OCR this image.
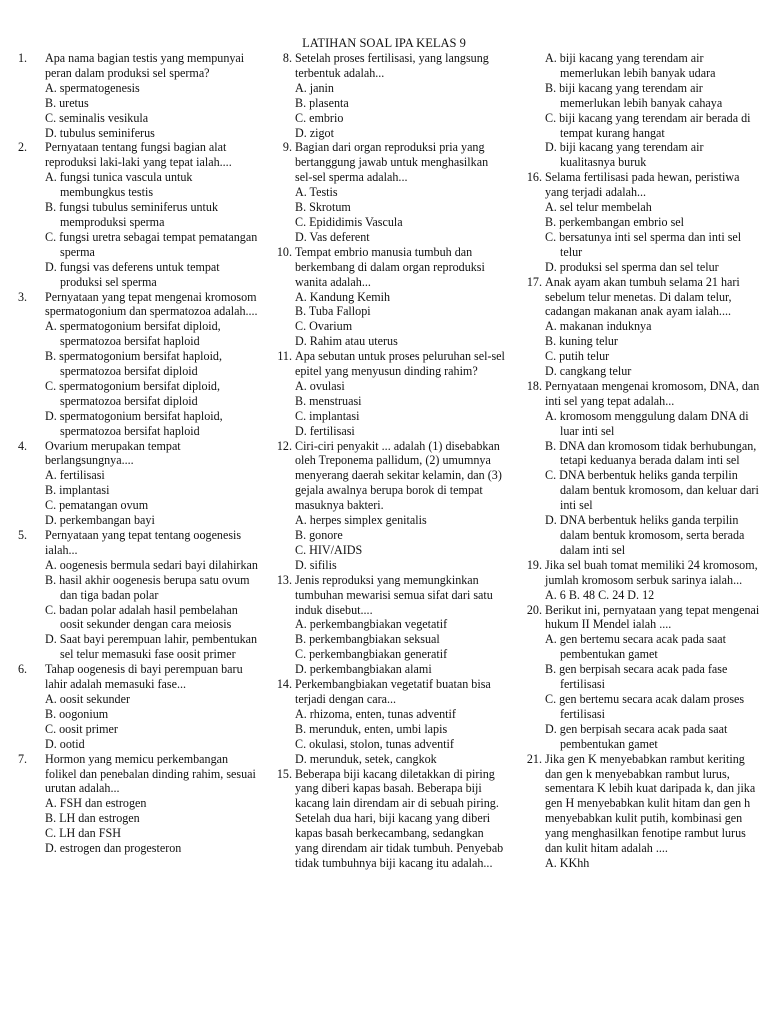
LATIHAN SOAL IPA KELAS 9
1.	Apa nama bagian testis yang mempunyai peran dalam produksi sel sperma?
A. spermatogenesis
B. uretus
C. seminalis vesikula
D. tubulus seminiferus
2.	Pernyataan tentang fungsi bagian alat reproduksi laki-laki yang tepat ialah....
A. fungsi tunica vascula untuk membungkus testis
B. fungsi tubulus seminiferus untuk memproduksi sperma
C. fungsi uretra sebagai tempat pematangan sperma
D. fungsi vas deferens untuk tempat produksi sel sperma
3.	Pernyataan yang tepat mengenai kromosom spermatogonium dan spermatozoa adalah....
A. spermatogonium bersifat diploid, spermatozoa bersifat haploid
B. spermatogonium bersifat haploid, spermatozoa bersifat diploid
C. spermatogonium bersifat diploid, spermatozoa bersifat diploid
D. spermatogonium bersifat haploid, spermatozoa bersifat haploid
4.	Ovarium merupakan tempat berlangsungnya....
A. fertilisasi
B. implantasi
C. pematangan ovum
D. perkembangan bayi
5.	Pernyataan yang tepat tentang oogenesis ialah...
A. oogenesis bermula sedari bayi dilahirkan
B. hasil akhir oogenesis berupa satu ovum dan tiga badan polar
C. badan polar adalah hasil pembelahan oosit sekunder dengan cara meiosis
D. Saat bayi perempuan lahir, pembentukan sel telur memasuki fase oosit primer
6.	Tahap oogenesis di bayi perempuan baru lahir adalah memasuki fase...
A. oosit sekunder
B. oogonium
C. oosit primer
D. ootid
7.	Hormon yang memicu perkembangan folikel dan penebalan dinding rahim, sesuai urutan adalah...
A. FSH dan estrogen
B. LH dan estrogen
C. LH dan FSH
D. estrogen dan progesteron
8. Setelah proses fertilisasi, yang langsung terbentuk adalah...
A. janin
B. plasenta
C. embrio
D. zigot
9. Bagian dari organ reproduksi pria yang bertanggung jawab untuk menghasilkan sel-sel sperma adalah...
A. Testis
B. Skrotum
C. Epididimis Vascula
D. Vas deferent
10. Tempat embrio manusia tumbuh dan berkembang di dalam organ reproduksi wanita adalah...
A. Kandung Kemih
B. Tuba Fallopi
C. Ovarium
D. Rahim atau uterus
11. Apa sebutan untuk proses peluruhan sel-sel epitel yang menyusun dinding rahim?
A. ovulasi
B. menstruasi
C. implantasi
D. fertilisasi
12. Ciri-ciri penyakit ... adalah (1) disebabkan oleh Treponema pallidum, (2) umumnya menyerang daerah sekitar kelamin, dan (3) gejala awalnya berupa borok di tempat masuknya bakteri.
A. herpes simplex genitalis
B. gonore
C. HIV/AIDS
D. sifilis
13. Jenis reproduksi yang memungkinkan tumbuhan mewarisi semua sifat dari satu induk disebut....
A. perkembangbiakan vegetatif
B. perkembangbiakan seksual
C. perkembangbiakan generatif
D. perkembangbiakan alami
14. Perkembangbiakan vegetatif buatan bisa terjadi dengan cara...
A. rhizoma, enten, tunas adventif
B. merunduk, enten, umbi lapis
C. okulasi, stolon, tunas adventif
D. merunduk, setek, cangkok
15. Beberapa biji kacang diletakkan di piring yang diberi kapas basah. Beberapa biji kacang lain direndam air di sebuah piring. Setelah dua hari, biji kacang yang diberi kapas basah berkecambang, sedangkan yang direndam air tidak tumbuh. Penyebab tidak tumbuhnya biji kacang itu adalah...
A. biji kacang yang terendam air memerlukan lebih banyak udara
B. biji kacang yang terendam air memerlukan lebih banyak cahaya
C. biji kacang yang terendam air berada di tempat kurang hangat
D. biji kacang yang terendam air kualitasnya buruk
16. Selama fertilisasi pada hewan, peristiwa yang terjadi adalah...
A. sel telur membelah
B. perkembangan embrio sel
C. bersatunya inti sel sperma dan inti sel telur
D. produksi sel sperma dan sel telur
17. Anak ayam akan tumbuh selama 21 hari sebelum telur menetas. Di dalam telur, cadangan makanan anak ayam ialah....
A. makanan induknya
B. kuning telur
C. putih telur
D. cangkang telur
18. Pernyataan mengenai kromosom, DNA, dan inti sel yang tepat adalah...
A. kromosom menggulung dalam DNA di luar inti sel
B. DNA dan kromosom tidak berhubungan, tetapi keduanya berada dalam inti sel
C. DNA berbentuk heliks ganda terpilin dalam bentuk kromosom, dan keluar dari inti sel
D. DNA berbentuk heliks ganda terpilin dalam bentuk kromosom, serta berada dalam inti sel
19. Jika sel buah tomat memiliki 24 kromosom, jumlah kromosom serbuk sarinya ialah...
A. 6 B. 48 C. 24 D. 12
20. Berikut ini, pernyataan yang tepat mengenai hukum II Mendel ialah ....
A. gen bertemu secara acak pada saat pembentukan gamet
B. gen berpisah secara acak pada fase fertilisasi
C. gen bertemu secara acak dalam proses fertilisasi
D. gen berpisah secara acak pada saat pembentukan gamet
21. Jika gen K menyebabkan rambut keriting dan gen k menyebabkan rambut lurus, sementara K lebih kuat daripada k, dan jika gen H menyebabkan kulit hitam dan gen h menyebabkan kulit putih, kombinasi gen yang menghasilkan fenotipe rambut lurus dan kulit hitam adalah ....
A. KKhh
